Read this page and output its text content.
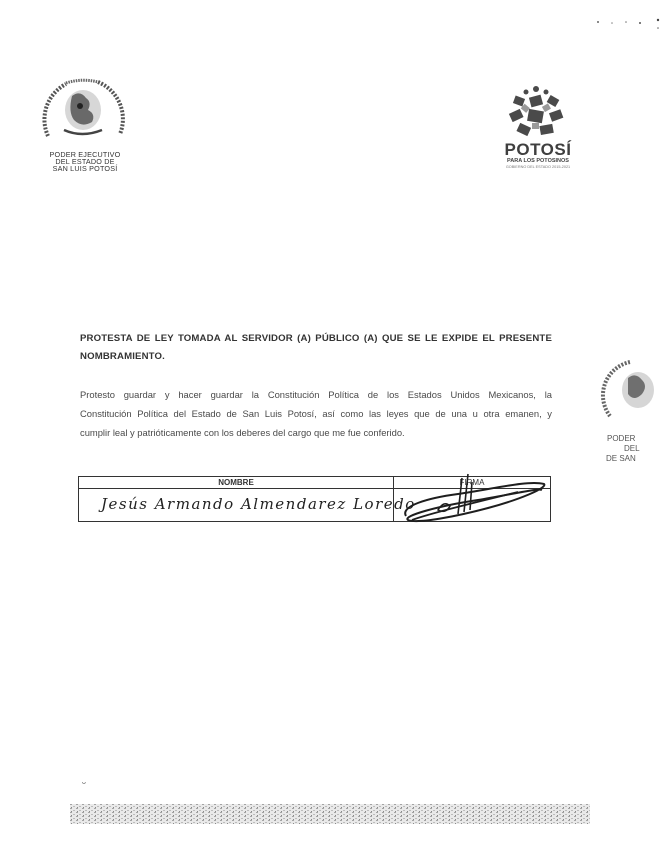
PODER EJECUTIVO
DEL ESTADO DE
SAN LUIS POTOSÍ
POTOSÍ
PARA LOS POTOSINOS
GOBIERNO DEL ESTADO 2015-2021
PODER
DEL
DE SAN
PROTESTA DE LEY TOMADA AL SERVIDOR (A) PÚBLICO (A) QUE SE LE EXPIDE EL PRESENTE
NOMBRAMIENTO.
Protesto guardar y hacer guardar la Constitución Política de los Estados Unidos Mexicanos, la
Constitución Política del Estado de San Luis Potosí, así como las leyes que de una u otra emanen, y
cumplir leal y patrióticamente con los deberes del cargo que me fue conferido.
NOMBRE	FIRMA
Jesús Armando Almendarez Loredo
ᴗ
